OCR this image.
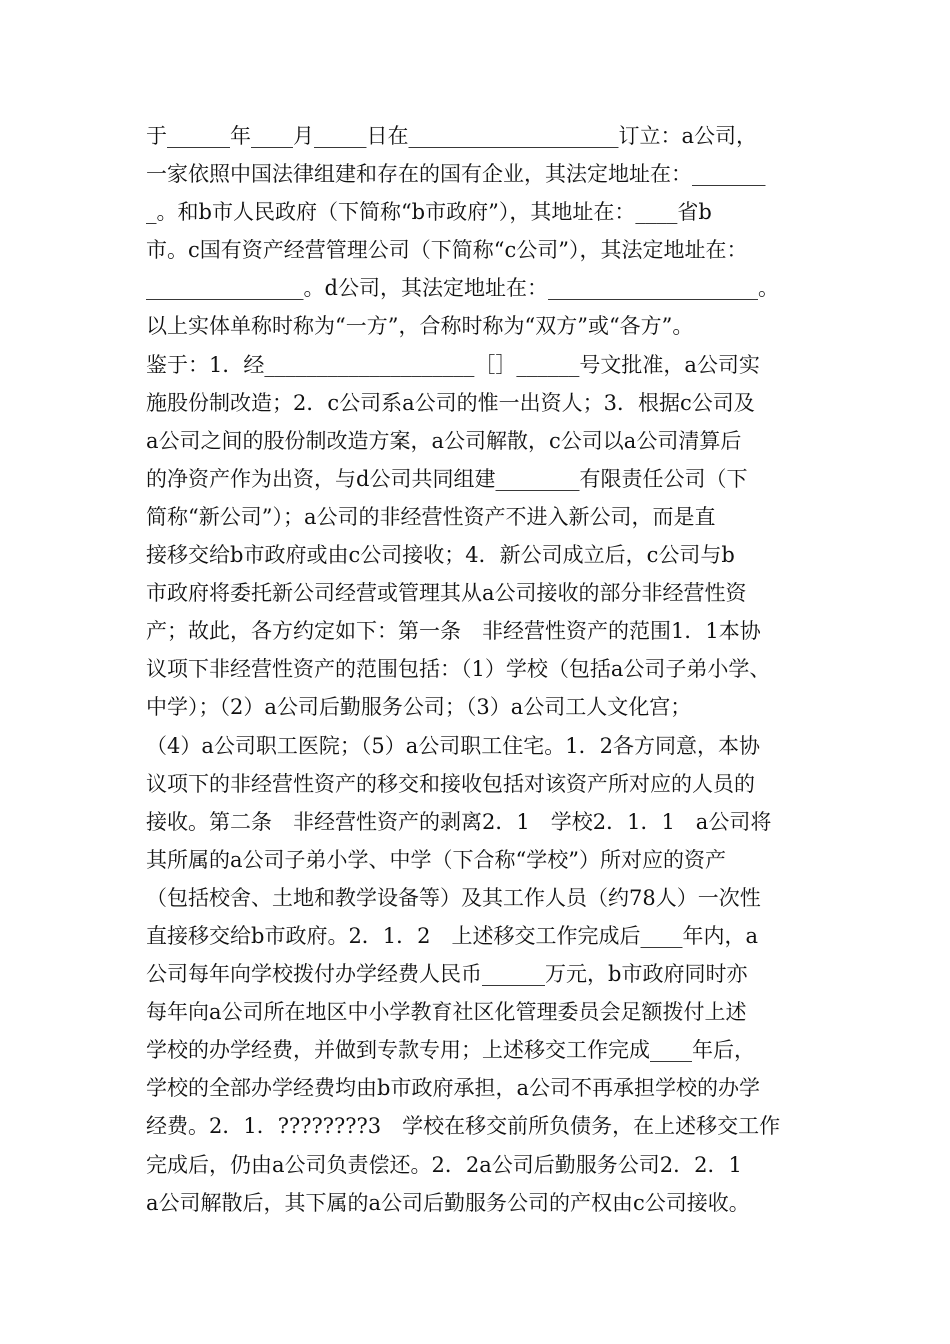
于______年____月_____日在____________________订立：a公司，
一家依照中国法律组建和存在的国有企业，其法定地址在：_______
_。和b市人民政府（下简称“b市政府”），其地址在：____省b
市。c国有资产经营管理公司（下简称“c公司”），其法定地址在：
_______________。d公司，其法定地址在：____________________。
以上实体单称时称为“一方”，合称时称为“双方”或“各方”。
鉴于：1．经____________________［］______号文批准，a公司实
施股份制改造；2．c公司系a公司的惟一出资人；3．根据c公司及
a公司之间的股份制改造方案，a公司解散，c公司以a公司清算后
的净资产作为出资，与d公司共同组建________有限责任公司（下
简称“新公司”）；a公司的非经营性资产不进入新公司，而是直
接移交给b市政府或由c公司接收；4．新公司成立后，c公司与b
市政府将委托新公司经营或管理其从a公司接收的部分非经营性资
产；故此，各方约定如下：第一条　非经营性资产的范围1．1本协
议项下非经营性资产的范围包括：（1）学校（包括a公司子弟小学、
中学）；（2）a公司后勤服务公司；（3）a公司工人文化宫；
（4）a公司职工医院；（5）a公司职工住宅。1．2各方同意，本协
议项下的非经营性资产的移交和接收包括对该资产所对应的人员的
接收。第二条　非经营性资产的剥离2．1　学校2．1．1　a公司将
其所属的a公司子弟小学、中学（下合称“学校”）所对应的资产
（包括校舍、土地和教学设备等）及其工作人员（约78人）一次性
直接移交给b市政府。2．1．2　上述移交工作完成后____年内，a
公司每年向学校拨付办学经费人民币______万元，b市政府同时亦
每年向a公司所在地区中小学教育社区化管理委员会足额拨付上述
学校的办学经费，并做到专款专用；上述移交工作完成____年后，
学校的全部办学经费均由b市政府承担，a公司不再承担学校的办学
经费。2．1．????????3　学校在移交前所负债务，在上述移交工作
完成后，仍由a公司负责偿还。2．2a公司后勤服务公司2．2．1
a公司解散后，其下属的a公司后勤服务公司的产权由c公司接收。
